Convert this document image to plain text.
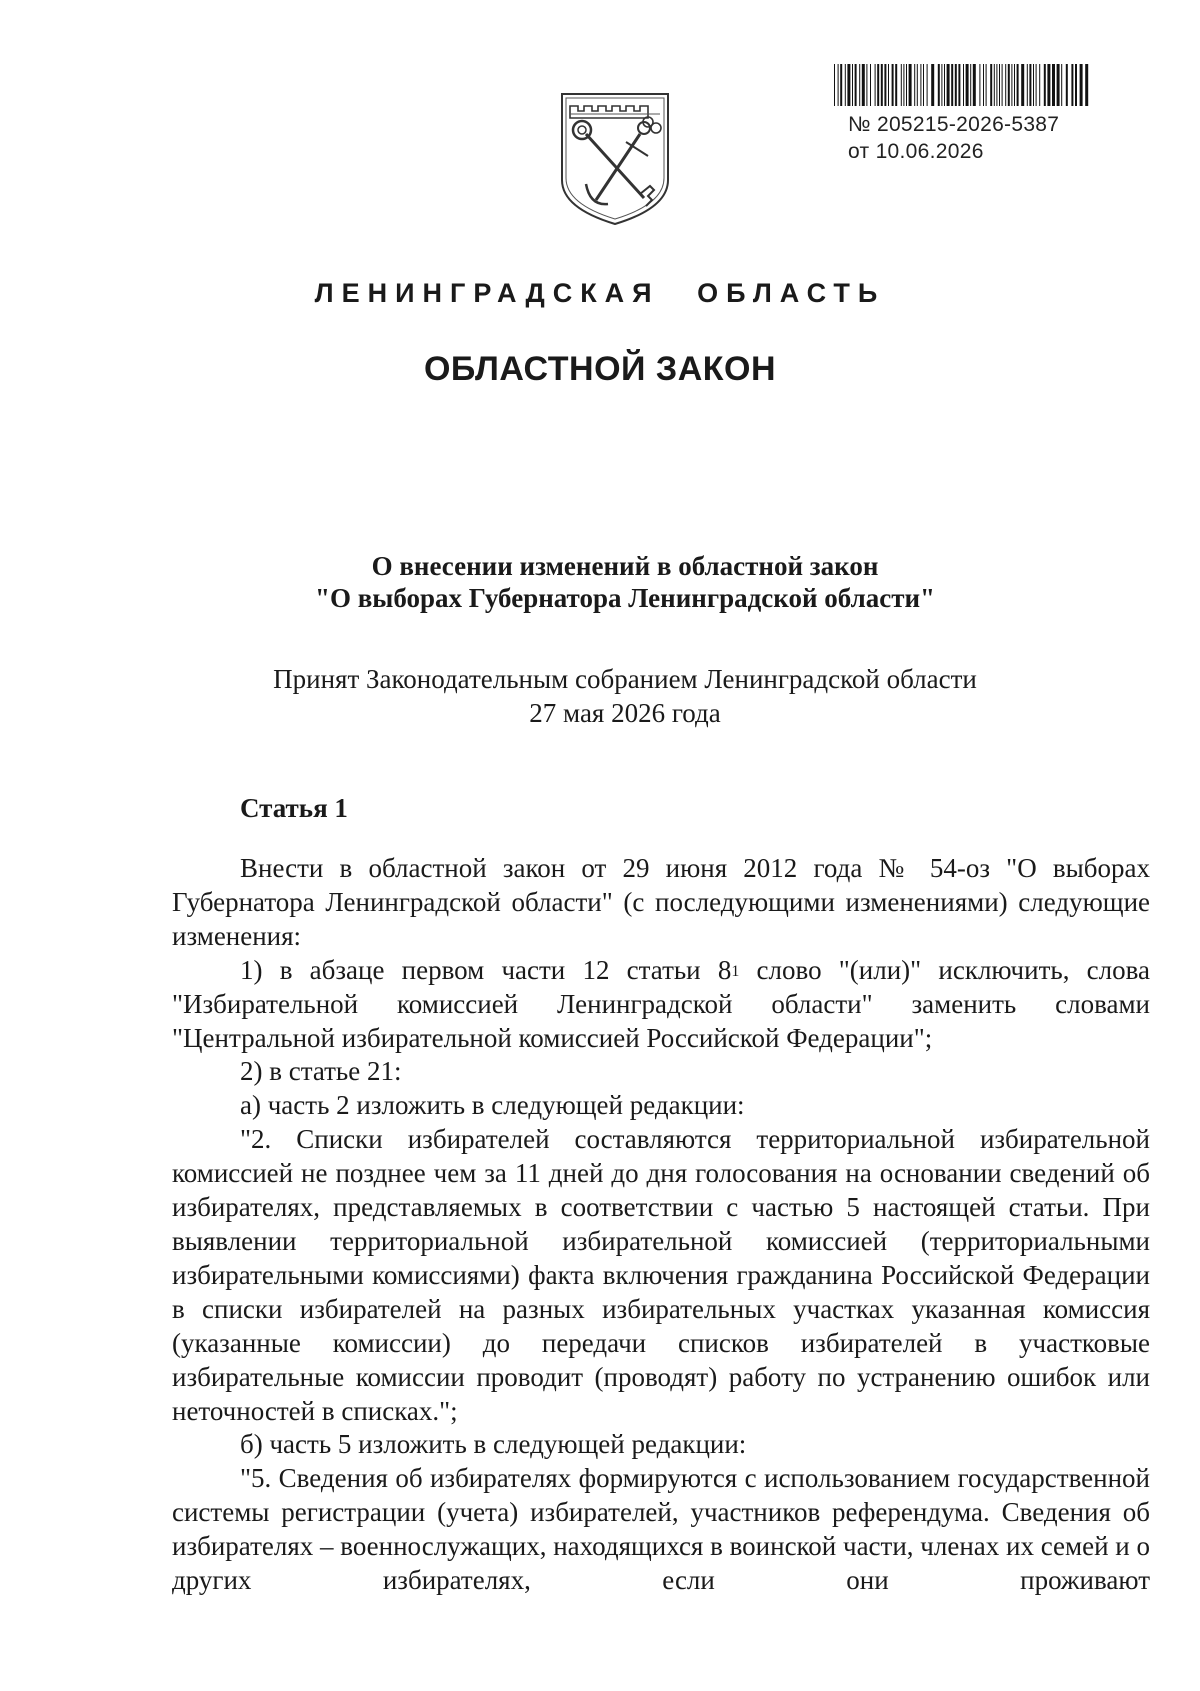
№ 205215-2026-5387
от 10.06.2026
ЛЕНИНГРАДСКАЯ ОБЛАСТЬ
ОБЛАСТНОЙ ЗАКОН
О внесении изменений в областной закон
"О выборах Губернатора Ленинградской области"
Принят Законодательным собранием Ленинградской области
27 мая 2026 года
Статья 1

Внести в областной закон от 29 июня 2012 года № 54-оз "О выборах Губернатора Ленинградской области" (с последующими изменениями) следующие изменения:

1) в абзаце первом части 12 статьи $8^1$ слово "(или)" исключить, слова "Избирательной комиссией Ленинградской области" заменить словами "Центральной избирательной комиссией Российской Федерации";

2) в статье 21:

а) часть 2 изложить в следующей редакции:

"2. Списки избирателей составляются территориальной избирательной комиссией не позднее чем за 11 дней до дня голосования на основании сведений об избирателях, представляемых в соответствии с частью 5 настоящей статьи. При выявлении территориальной избирательной комиссией (территориальными избирательными комиссиями) факта включения гражданина Российской Федерации в списки избирателей на разных избирательных участках указанная комиссия (указанные комиссии) до передачи списков избирателей в участковые избирательные комиссии проводит (проводят) работу по устранению ошибок или неточностей в списках.";

б) часть 5 изложить в следующей редакции:

"5. Сведения об избирателях формируются с использованием государственной системы регистрации (учета) избирателей, участников референдума. Сведения об избирателях – военнослужащих, находящихся в воинской части, членах их семей и о других избирателях, если они проживают
